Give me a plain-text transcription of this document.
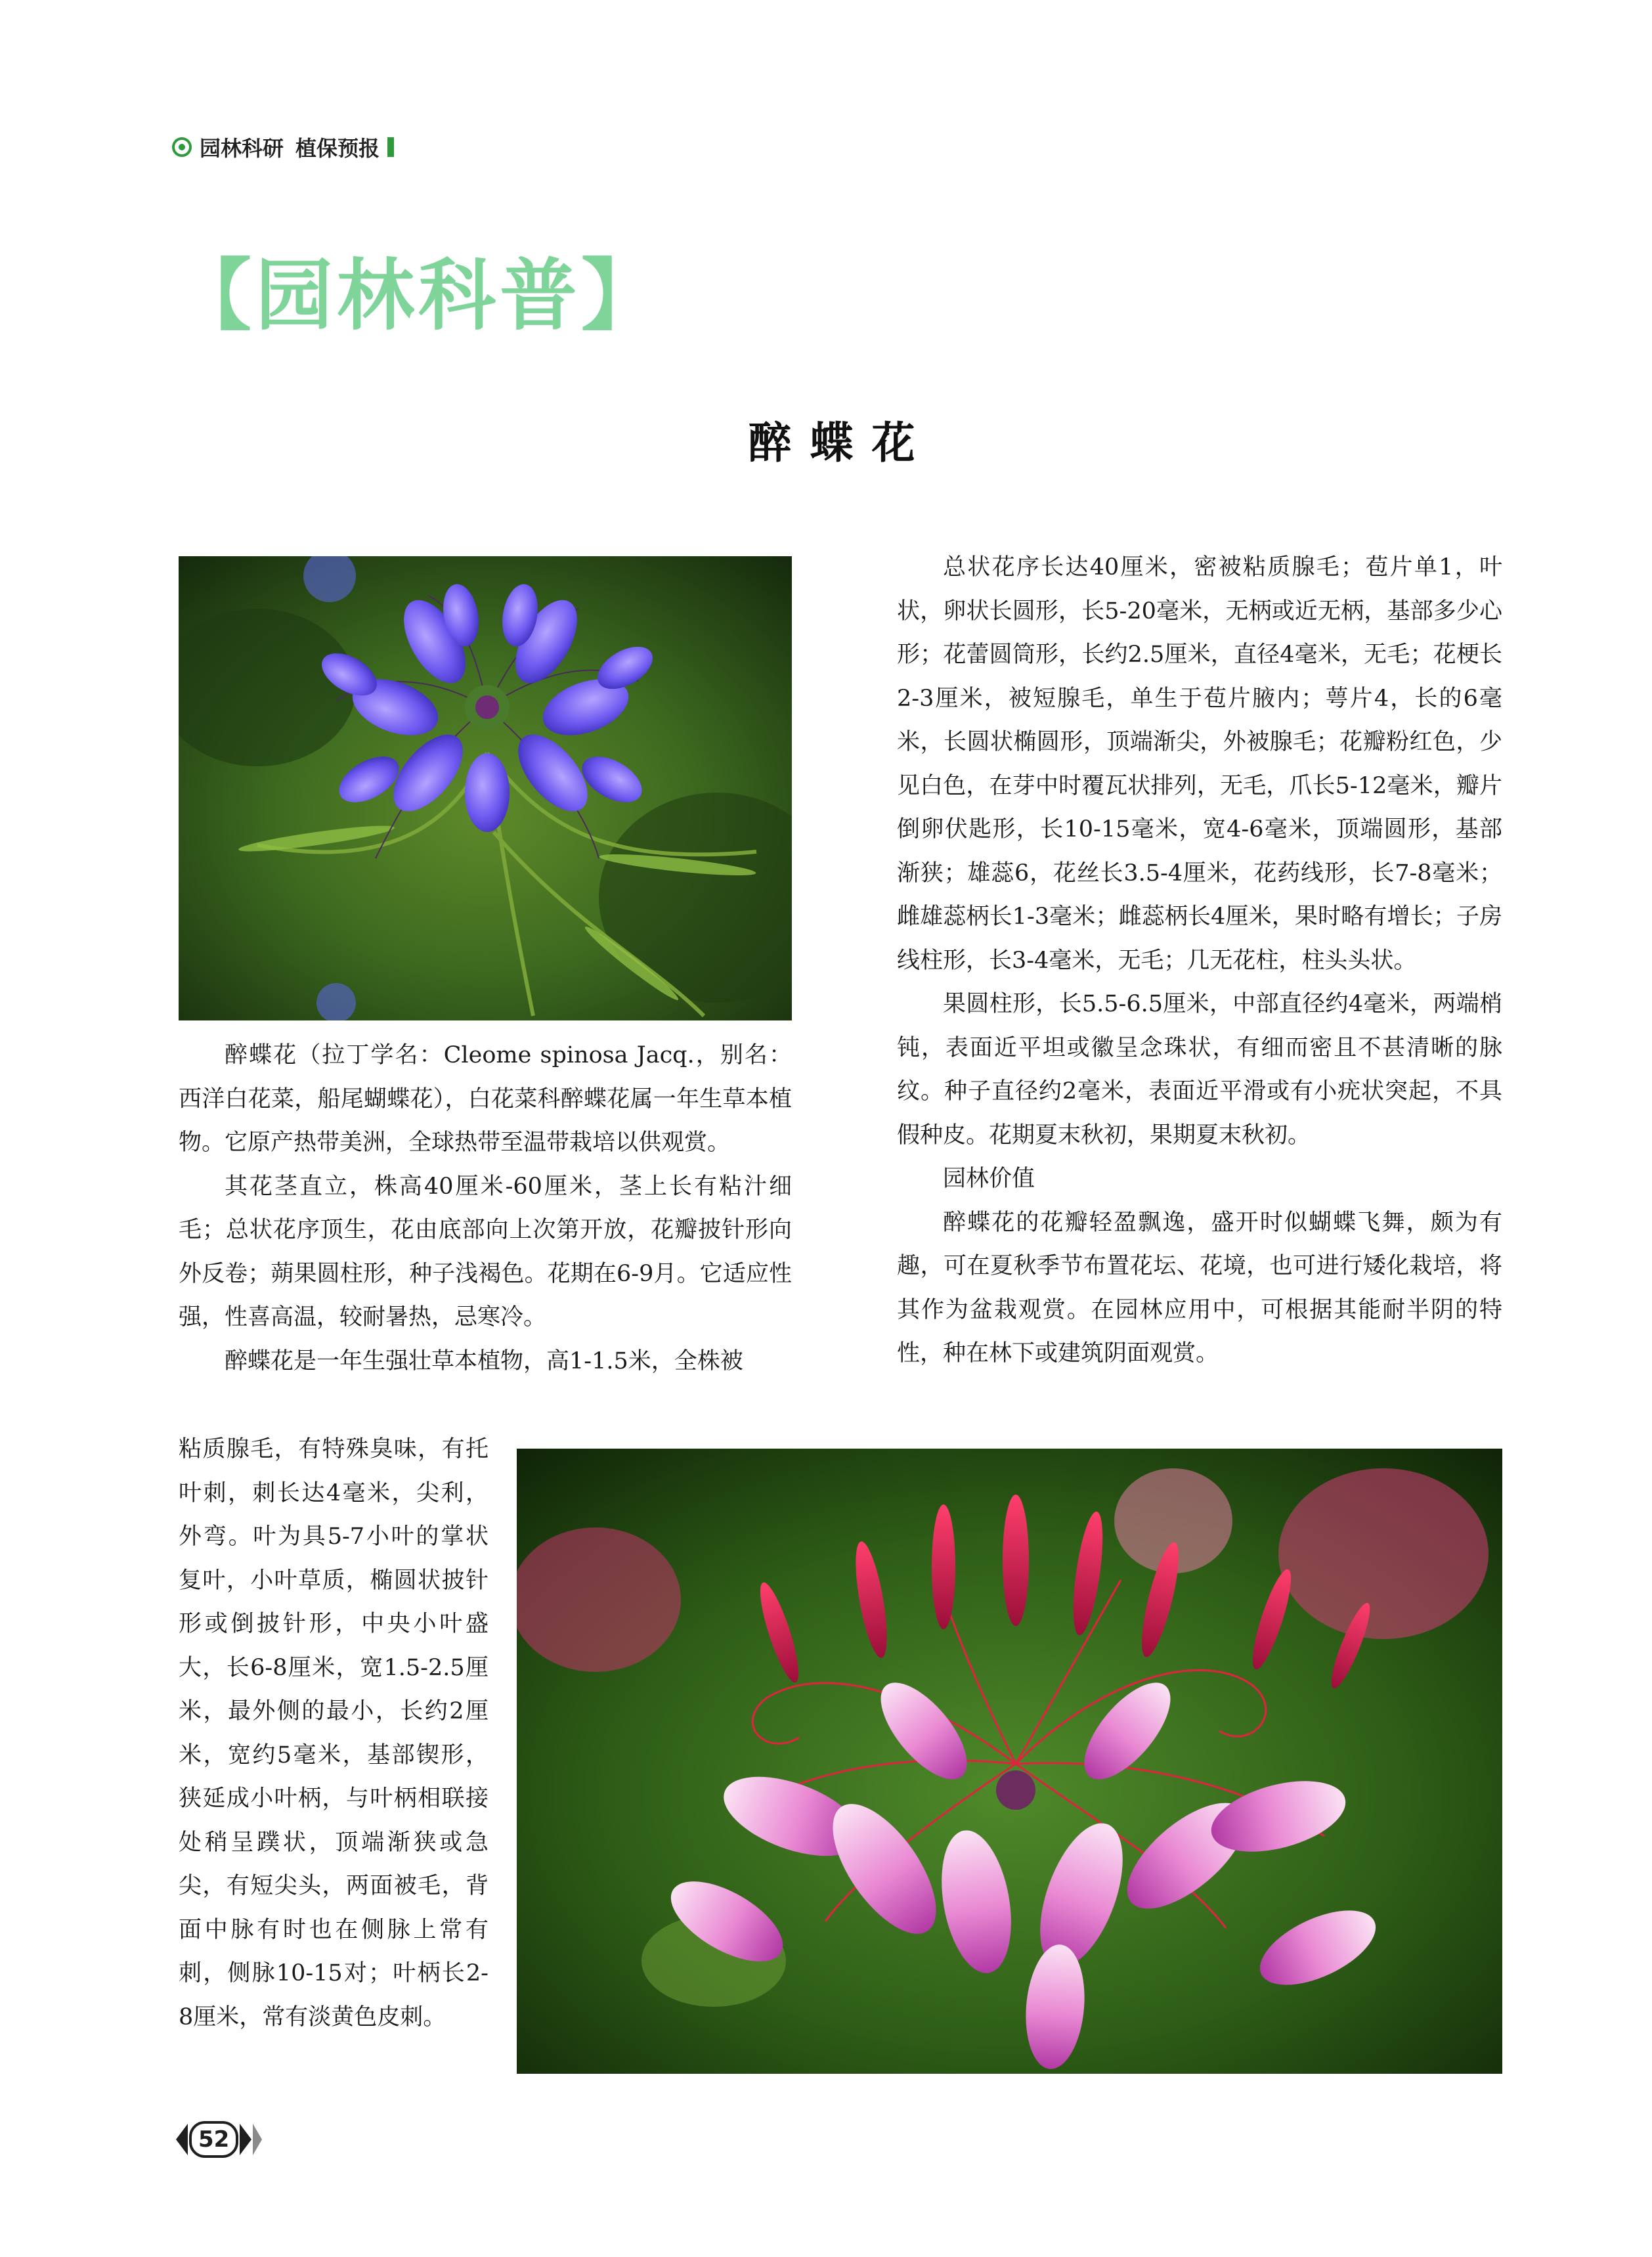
园林科研 植保预报
【园林科普】
醉蝶花

醉蝶花（拉丁学名：Cleome spinosa Jacq.，别名：西洋白花菜，船尾蝴蝶花），白花菜科醉蝶花属一年生草本植物。它原产热带美洲，全球热带至温带栽培以供观赏。

其花茎直立，株高40厘米-60厘米，茎上长有粘汁细毛；总状花序顶生，花由底部向上次第开放，花瓣披针形向外反卷；蒴果圆柱形，种子浅褐色。花期在6-9月。它适应性强，性喜高温，较耐暑热，忌寒冷。

醉蝶花是一年生强壮草本植物，高1-1.5米，全株被

粘质腺毛，有特殊臭味，有托叶刺，刺长达4毫米，尖利，外弯。叶为具5-7小叶的掌状复叶，小叶草质，椭圆状披针形或倒披针形，中央小叶盛大，长6-8厘米，宽1.5-2.5厘米，最外侧的最小，长约2厘米，宽约5毫米，基部锲形，狭延成小叶柄，与叶柄相联接处稍呈蹼状，顶端渐狭或急尖，有短尖头，两面被毛，背面中脉有时也在侧脉上常有刺，侧脉10-15对；叶柄长2-8厘米，常有淡黄色皮刺。

总状花序长达40厘米，密被粘质腺毛；苞片单1，叶状，卵状长圆形，长5-20毫米，无柄或近无柄，基部多少心形；花蕾圆筒形，长约2.5厘米，直径4毫米，无毛；花梗长2-3厘米，被短腺毛，单生于苞片腋内；萼片4，长的6毫米，长圆状椭圆形，顶端渐尖，外被腺毛；花瓣粉红色，少见白色，在芽中时覆瓦状排列，无毛，爪长5-12毫米，瓣片倒卵伏匙形，长10-15毫米，宽4-6毫米，顶端圆形，基部渐狭；雄蕊6，花丝长3.5-4厘米，花药线形，长7-8毫米；雌雄蕊柄长1-3毫米；雌蕊柄长4厘米，果时略有增长；子房线柱形，长3-4毫米，无毛；几无花柱，柱头头状。

果圆柱形，长5.5-6.5厘米，中部直径约4毫米，两端梢钝，表面近平坦或徽呈念珠状，有细而密且不甚清晰的脉纹。种子直径约2毫米，表面近平滑或有小疣状突起，不具假种皮。花期夏末秋初，果期夏末秋初。

园林价值

醉蝶花的花瓣轻盈飘逸，盛开时似蝴蝶飞舞，颇为有趣，可在夏秋季节布置花坛、花境，也可进行矮化栽培，将其作为盆栽观赏。在园林应用中，可根据其能耐半阴的特性，种在林下或建筑阴面观赏。

52
